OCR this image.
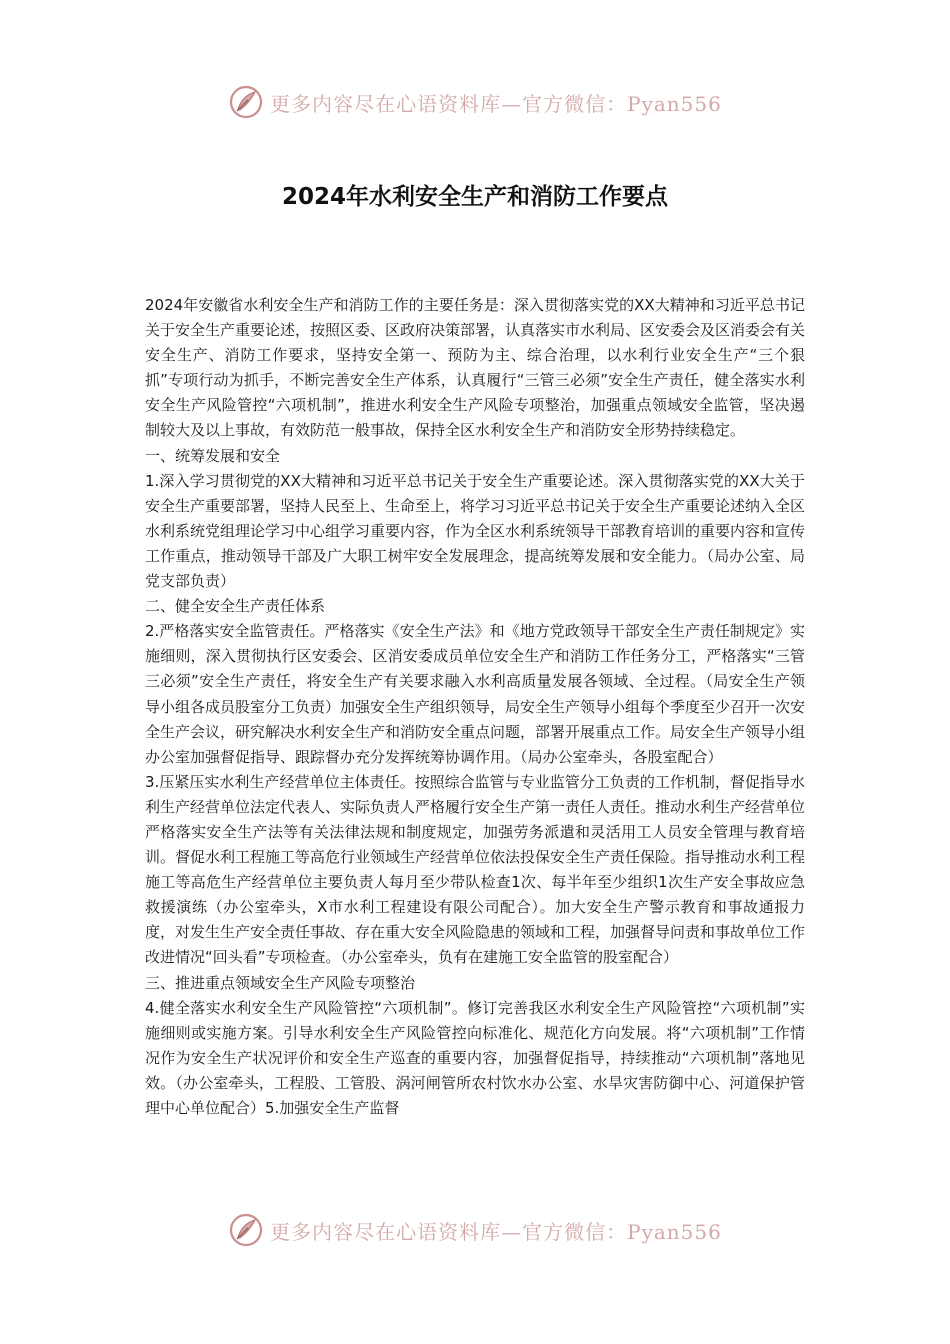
更多内容尽在心语资料库—官方微信：Pyan556
2024年水利安全生产和消防工作要点

2024年安徽省水利安全生产和消防工作的主要任务是：深入贯彻落实党的XX大精神和习近平总书记关于安全生产重要论述，按照区委、区政府决策部署，认真落实市水利局、区安委会及区消委会有关安全生产、消防工作要求，坚持安全第一、预防为主、综合治理，以水利行业安全生产“三个狠抓”专项行动为抓手，不断完善安全生产体系，认真履行“三管三必须”安全生产责任，健全落实水利安全生产风险管控“六项机制”，推进水利安全生产风险专项整治，加强重点领域安全监管，坚决遏制较大及以上事故，有效防范一般事故，保持全区水利安全生产和消防安全形势持续稳定。

一、统筹发展和安全

1.深入学习贯彻党的XX大精神和习近平总书记关于安全生产重要论述。深入贯彻落实党的XX大关于安全生产重要部署，坚持人民至上、生命至上，将学习习近平总书记关于安全生产重要论述纳入全区水利系统党组理论学习中心组学习重要内容，作为全区水利系统领导干部教育培训的重要内容和宣传工作重点，推动领导干部及广大职工树牢安全发展理念，提高统筹发展和安全能力。（局办公室、局党支部负责）

二、健全安全生产责任体系

2.严格落实安全监管责任。严格落实《安全生产法》和《地方党政领导干部安全生产责任制规定》实施细则，深入贯彻执行区安委会、区消安委成员单位安全生产和消防工作任务分工，严格落实“三管三必须”安全生产责任，将安全生产有关要求融入水利高质量发展各领域、全过程。（局安全生产领导小组各成员股室分工负责）加强安全生产组织领导，局安全生产领导小组每个季度至少召开一次安全生产会议，研究解决水利安全生产和消防安全重点问题，部署开展重点工作。局安全生产领导小组办公室加强督促指导、跟踪督办充分发挥统筹协调作用。（局办公室牵头，各股室配合）

3.压紧压实水利生产经营单位主体责任。按照综合监管与专业监管分工负责的工作机制，督促指导水利生产经营单位法定代表人、实际负责人严格履行安全生产第一责任人责任。推动水利生产经营单位严格落实安全生产法等有关法律法规和制度规定，加强劳务派遣和灵活用工人员安全管理与教育培训。督促水利工程施工等高危行业领域生产经营单位依法投保安全生产责任保险。指导推动水利工程施工等高危生产经营单位主要负责人每月至少带队检查1次、每半年至少组织1次生产安全事故应急救援演练（办公室牵头，X市水利工程建设有限公司配合）。加大安全生产警示教育和事故通报力度，对发生生产安全责任事故、存在重大安全风险隐患的领域和工程，加强督导问责和事故单位工作改进情况“回头看”专项检查。（办公室牵头，负有在建施工安全监管的股室配合）

三、推进重点领域安全生产风险专项整治

4.健全落实水利安全生产风险管控“六项机制”。修订完善我区水利安全生产风险管控“六项机制”实施细则或实施方案。引导水利安全生产风险管控向标准化、规范化方向发展。将“六项机制”工作情况作为安全生产状况评价和安全生产巡查的重要内容，加强督促指导，持续推动“六项机制”落地见效。（办公室牵头，工程股、工管股、涡河闸管所农村饮水办公室、水旱灾害防御中心、河道保护管理中心单位配合）5.加强安全生产监督

更多内容尽在心语资料库—官方微信：Pyan556
